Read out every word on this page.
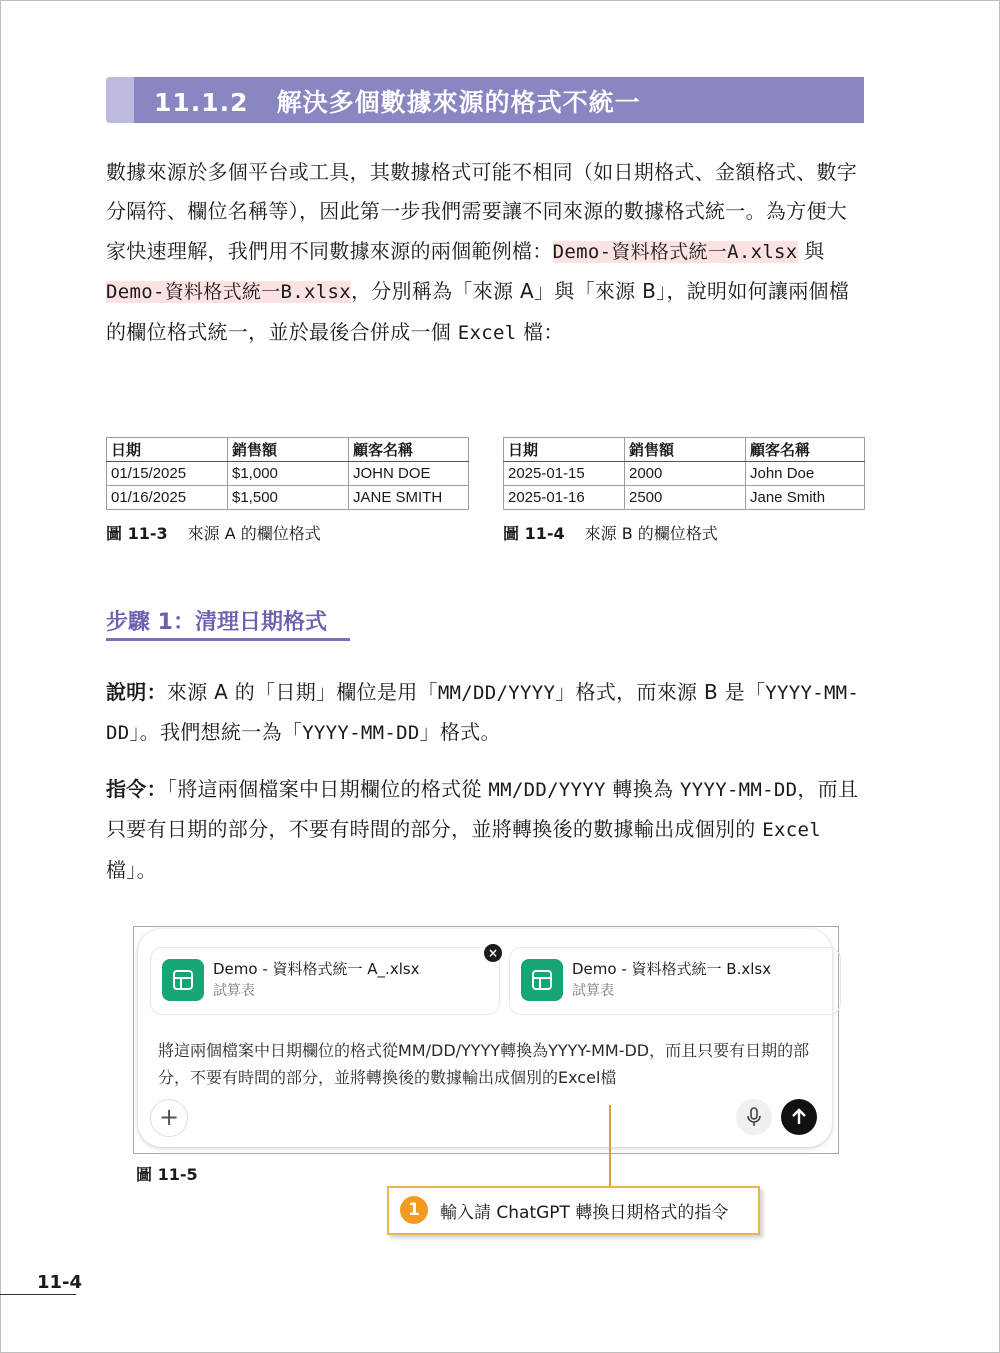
11.1.2 解決多個數據來源的格式不統一
數據來源於多個平台或工具，其數據格式可能不相同（如日期格式、金額格式、數字分隔符、欄位名稱等），因此第一步我們需要讓不同來源的數據格式統一。為方便大家快速理解，我們用不同數據來源的兩個範例檔：Demo-資料格式統一A.xlsx 與 Demo-資料格式統一B.xlsx，分別稱為「來源 A」與「來源 B」，說明如何讓兩個檔的欄位格式統一，並於最後合併成一個 Excel 檔：
日期	銷售額	顧客名稱
01/15/2025	$1,000	JOHN DOE
01/16/2025	$1,500	JANE SMITH
圖 11-3 來源 A 的欄位格式
日期	銷售額	顧客名稱
2025-01-15	2000	John Doe
2025-01-16	2500	Jane Smith
圖 11-4 來源 B 的欄位格式
步驟 1：清理日期格式
說明：來源 A 的「日期」欄位是用「MM/DD/YYYY」格式，而來源 B 是「YYYY-MM-DD」。我們想統一為「YYYY-MM-DD」格式。
指令：「將這兩個檔案中日期欄位的格式從 MM/DD/YYYY 轉換為 YYYY-MM-DD，而且只要有日期的部分，不要有時間的部分，並將轉換後的數據輸出成個別的 Excel 檔」。
Demo - 資料格式統一 A_.xlsx
試算表
×
Demo - 資料格式統一 B.xlsx
試算表
將這兩個檔案中日期欄位的格式從MM/DD/YYYY轉換為YYYY-MM-DD，而且只要有日期的部分，不要有時間的部分，並將轉換後的數據輸出成個別的Excel檔
+
圖 11-5
1	輸入請 ChatGPT 轉換日期格式的指令
11-4
